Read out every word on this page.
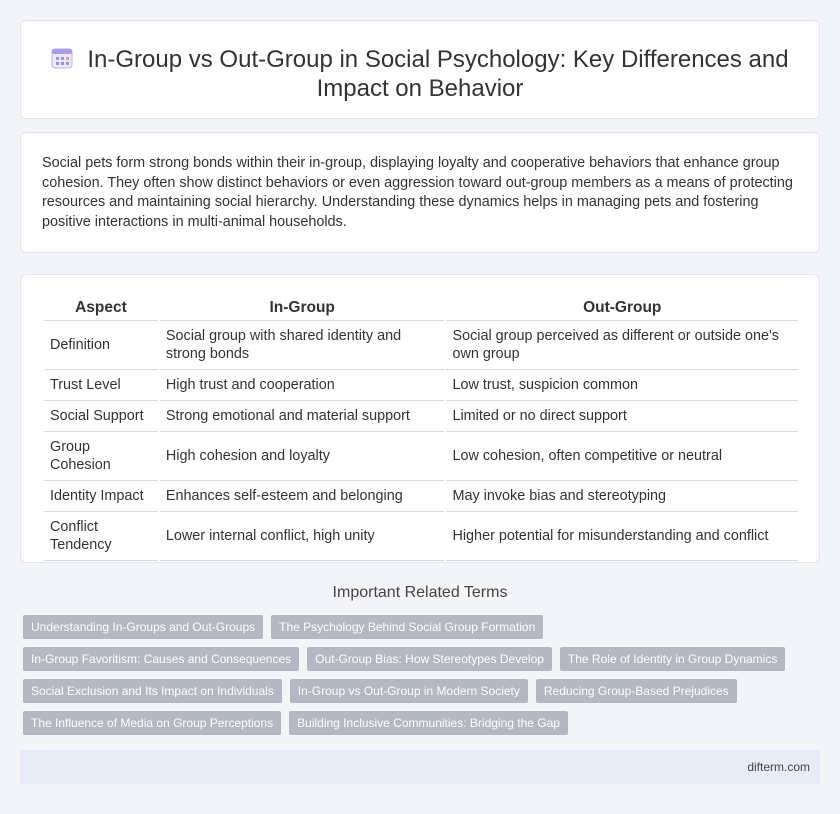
In-Group vs Out-Group in Social Psychology: Key Differences and Impact on Behavior

Social pets form strong bonds within their in-group, displaying loyalty and cooperative behaviors that enhance group cohesion. They often show distinct behaviors or even aggression toward out-group members as a means of protecting resources and maintaining social hierarchy. Understanding these dynamics helps in managing pets and fostering positive interactions in multi-animal households.

Aspect	In-Group	Out-Group
Definition	Social group with shared identity and strong bonds	Social group perceived as different or outside one's own group
Trust Level	High trust and cooperation	Low trust, suspicion common
Social Support	Strong emotional and material support	Limited or no direct support
Group Cohesion	High cohesion and loyalty	Low cohesion, often competitive or neutral
Identity Impact	Enhances self-esteem and belonging	May invoke bias and stereotyping
Conflict Tendency	Lower internal conflict, high unity	Higher potential for misunderstanding and conflict
Important Related Terms
Understanding In-Groups and Out-Groups	The Psychology Behind Social Group Formation
In-Group Favoritism: Causes and Consequences	Out-Group Bias: How Stereotypes Develop	The Role of Identity in Group Dynamics
Social Exclusion and Its Impact on Individuals	In-Group vs Out-Group in Modern Society	Reducing Group-Based Prejudices
The Influence of Media on Group Perceptions	Building Inclusive Communities: Bridging the Gap
difterm.com
